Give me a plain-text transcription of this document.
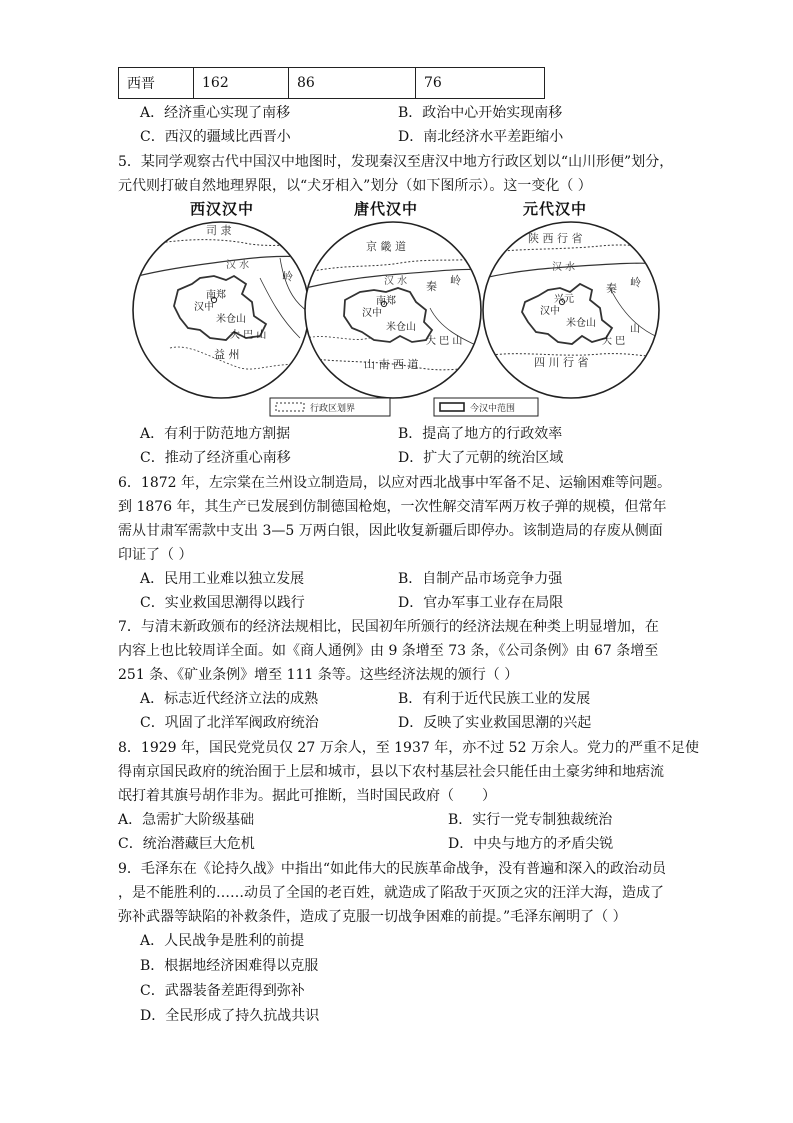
西晋	162	86	76
A．经济重心实现了南移	B．政治中心开始实现南移
C．西汉的疆域比西晋小	D．南北经济水平差距缩小
5．某同学观察古代中国汉中地图时，发现秦汉至唐汉中地方行政区划以“山川形便”划分，
元代则打破自然地理界限，以“犬牙相入”划分（如下图所示）。这一变化（ ）
西汉汉中	唐代汉中	元代汉中
司 隶
汉 水
岭
南郑
汉中
米仓山
大 巴 山
益 州
京 畿 道
汉 水 秦 岭
南郑
汉中
米仓山
大 巴 山
山 南 西 道
陕 西 行 省
汉 水
秦 岭
兴元
汉中
米仓山
大 巴
山
四 川 行 省
行政区划界	今汉中范围
A．有利于防范地方割据	B．提高了地方的行政效率
C．推动了经济重心南移	D．扩大了元朝的统治区域
6．1872 年，左宗棠在兰州设立制造局，以应对西北战事中军备不足、运输困难等问题。
到 1876 年，其生产已发展到仿制德国枪炮，一次性解交清军两万枚子弹的规模，但常年
需从甘肃军需款中支出 3—5 万两白银，因此收复新疆后即停办。该制造局的存废从侧面
印证了（ ）
A．民用工业难以独立发展	B．自制产品市场竞争力强
C．实业救国思潮得以践行	D．官办军事工业存在局限
7．与清末新政颁布的经济法规相比，民国初年所颁行的经济法规在种类上明显增加，在
内容上也比较周详全面。如《商人通例》由 9 条增至 73 条，《公司条例》由 67 条增至
251 条、《矿业条例》增至 111 条等。这些经济法规的颁行（ ）
A．标志近代经济立法的成熟	B．有利于近代民族工业的发展
C．巩固了北洋军阀政府统治	D．反映了实业救国思潮的兴起
8．1929 年，国民党党员仅 27 万余人，至 1937 年，亦不过 52 万余人。党力的严重不足使
得南京国民政府的统治囿于上层和城市，县以下农村基层社会只能任由土豪劣绅和地痞流
氓打着其旗号胡作非为。据此可推断，当时国民政府（　　）
A．急需扩大阶级基础	B．实行一党专制独裁统治
C．统治潜藏巨大危机	D．中央与地方的矛盾尖锐
9．毛泽东在《论持久战》中指出“如此伟大的民族革命战争，没有普遍和深入的政治动员
，是不能胜利的……动员了全国的老百姓，就造成了陷敌于灭顶之灾的汪洋大海，造成了
弥补武器等缺陷的补救条件，造成了克服一切战争困难的前提。”毛泽东阐明了（ ）
A．人民战争是胜利的前提
B．根据地经济困难得以克服
C．武器装备差距得到弥补
D．全民形成了持久抗战共识
